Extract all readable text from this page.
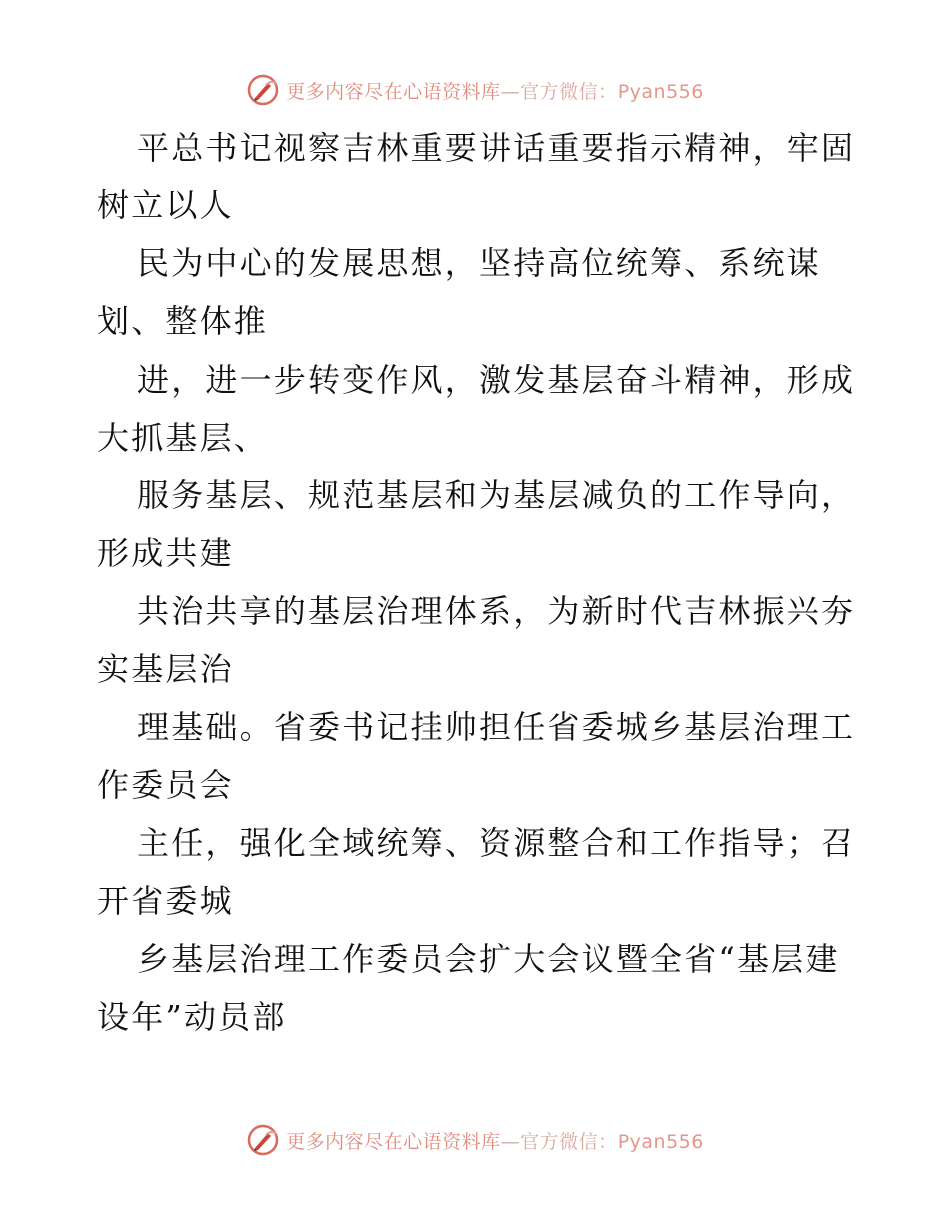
更多内容尽在心语资料库—官方微信：Pyan556
平总书记视察吉林重要讲话重要指示精神，牢固
树立以人
民为中心的发展思想，坚持高位统筹、系统谋
划、整体推
进，进一步转变作风，激发基层奋斗精神，形成
大抓基层、
服务基层、规范基层和为基层减负的工作导向，
形成共建
共治共享的基层治理体系，为新时代吉林振兴夯
实基层治
理基础。省委书记挂帅担任省委城乡基层治理工
作委员会
主任，强化全域统筹、资源整合和工作指导；召
开省委城
乡基层治理工作委员会扩大会议暨全省“基层建
设年”动员部
更多内容尽在心语资料库—官方微信：Pyan556
